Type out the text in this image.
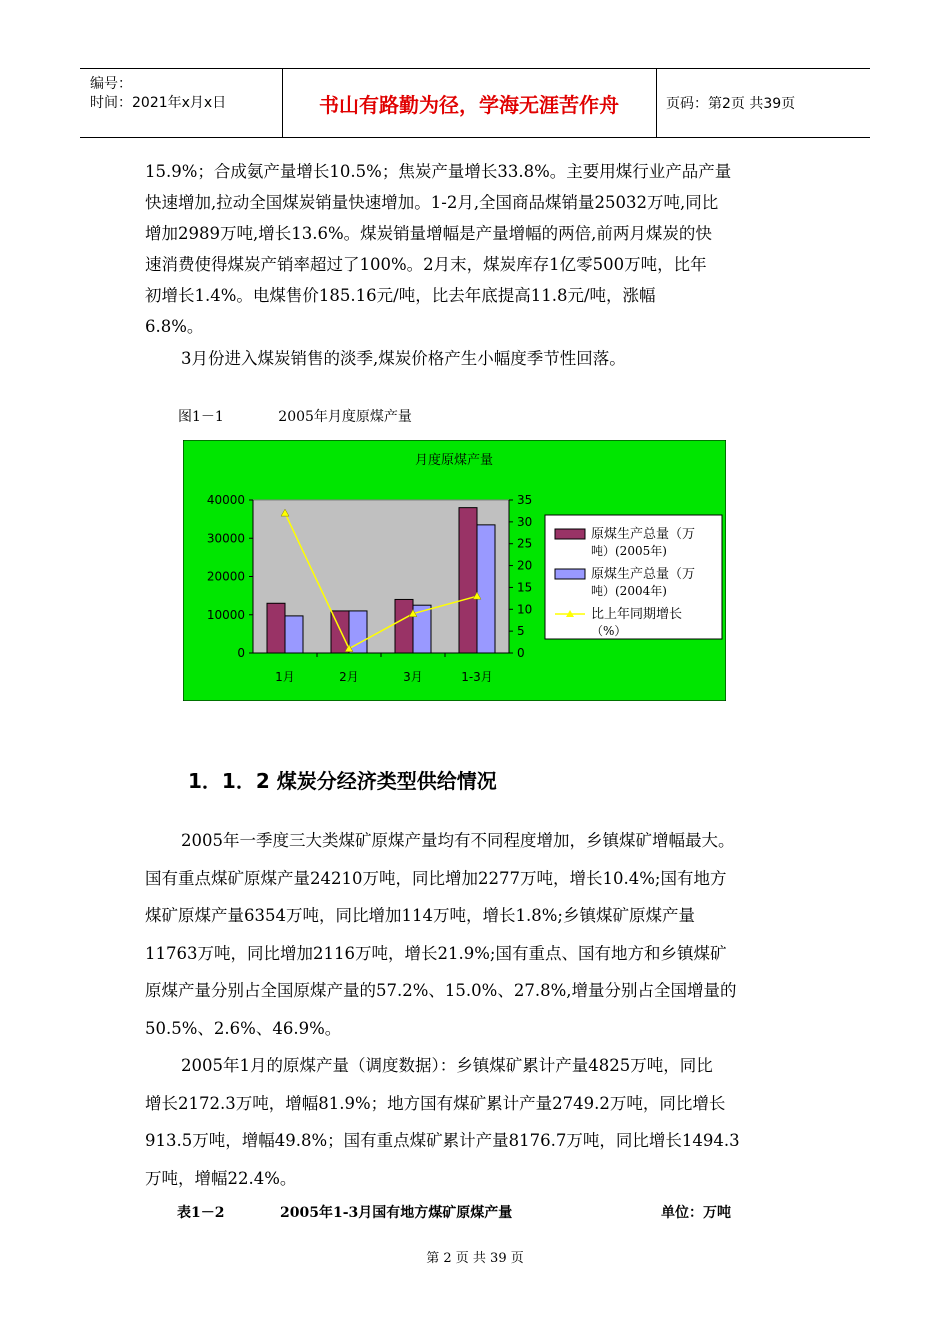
编号：
时间：2021年x月x日	书山有路勤为径，学海无涯苦作舟	页码：第2页 共39页

15.9%；合成氨产量增长10.5%；焦炭产量增长33.8%。主要用煤行业产品产量

快速增加,拉动全国煤炭销量快速增加。1-2月,全国商品煤销量25032万吨,同比

增加2989万吨,增长13.6%。煤炭销量增幅是产量增幅的两倍,前两月煤炭的快

速消费使得煤炭产销率超过了100%。2月末，煤炭库存1亿零500万吨，比年

初增长1.4%。电煤售价185.16元/吨，比去年底提高11.8元/吨，涨幅

6.8%。

3月份进入煤炭销售的淡季,煤炭价格产生小幅度季节性回落。

图1－1	2005年月度原煤产量
月度原煤产量
40000
30000
20000
10000
0
35
30
25
20
15
10
5
0
1月	2月	3月	1-3月
原煤生产总量（万
吨）(2005年)
原煤生产总量（万
吨）(2004年)
比上年同期增长
（%）
1．1．2 煤炭分经济类型供给情况

2005年一季度三大类煤矿原煤产量均有不同程度增加，乡镇煤矿增幅最大。

国有重点煤矿原煤产量24210万吨，同比增加2277万吨，增长10.4%;国有地方

煤矿原煤产量6354万吨，同比增加114万吨，增长1.8%;乡镇煤矿原煤产量

11763万吨，同比增加2116万吨，增长21.9%;国有重点、国有地方和乡镇煤矿

原煤产量分别占全国原煤产量的57.2%、15.0%、27.8%,增量分别占全国增量的

50.5%、2.6%、46.9%。

2005年1月的原煤产量（调度数据）：乡镇煤矿累计产量4825万吨，同比

增长2172.3万吨，增幅81.9%；地方国有煤矿累计产量2749.2万吨，同比增长

913.5万吨，增幅49.8%；国有重点煤矿累计产量8176.7万吨，同比增长1494.3

万吨，增幅22.4%。

表1－2	2005年1-3月国有地方煤矿原煤产量	单位：万吨
第 2 页 共 39 页
